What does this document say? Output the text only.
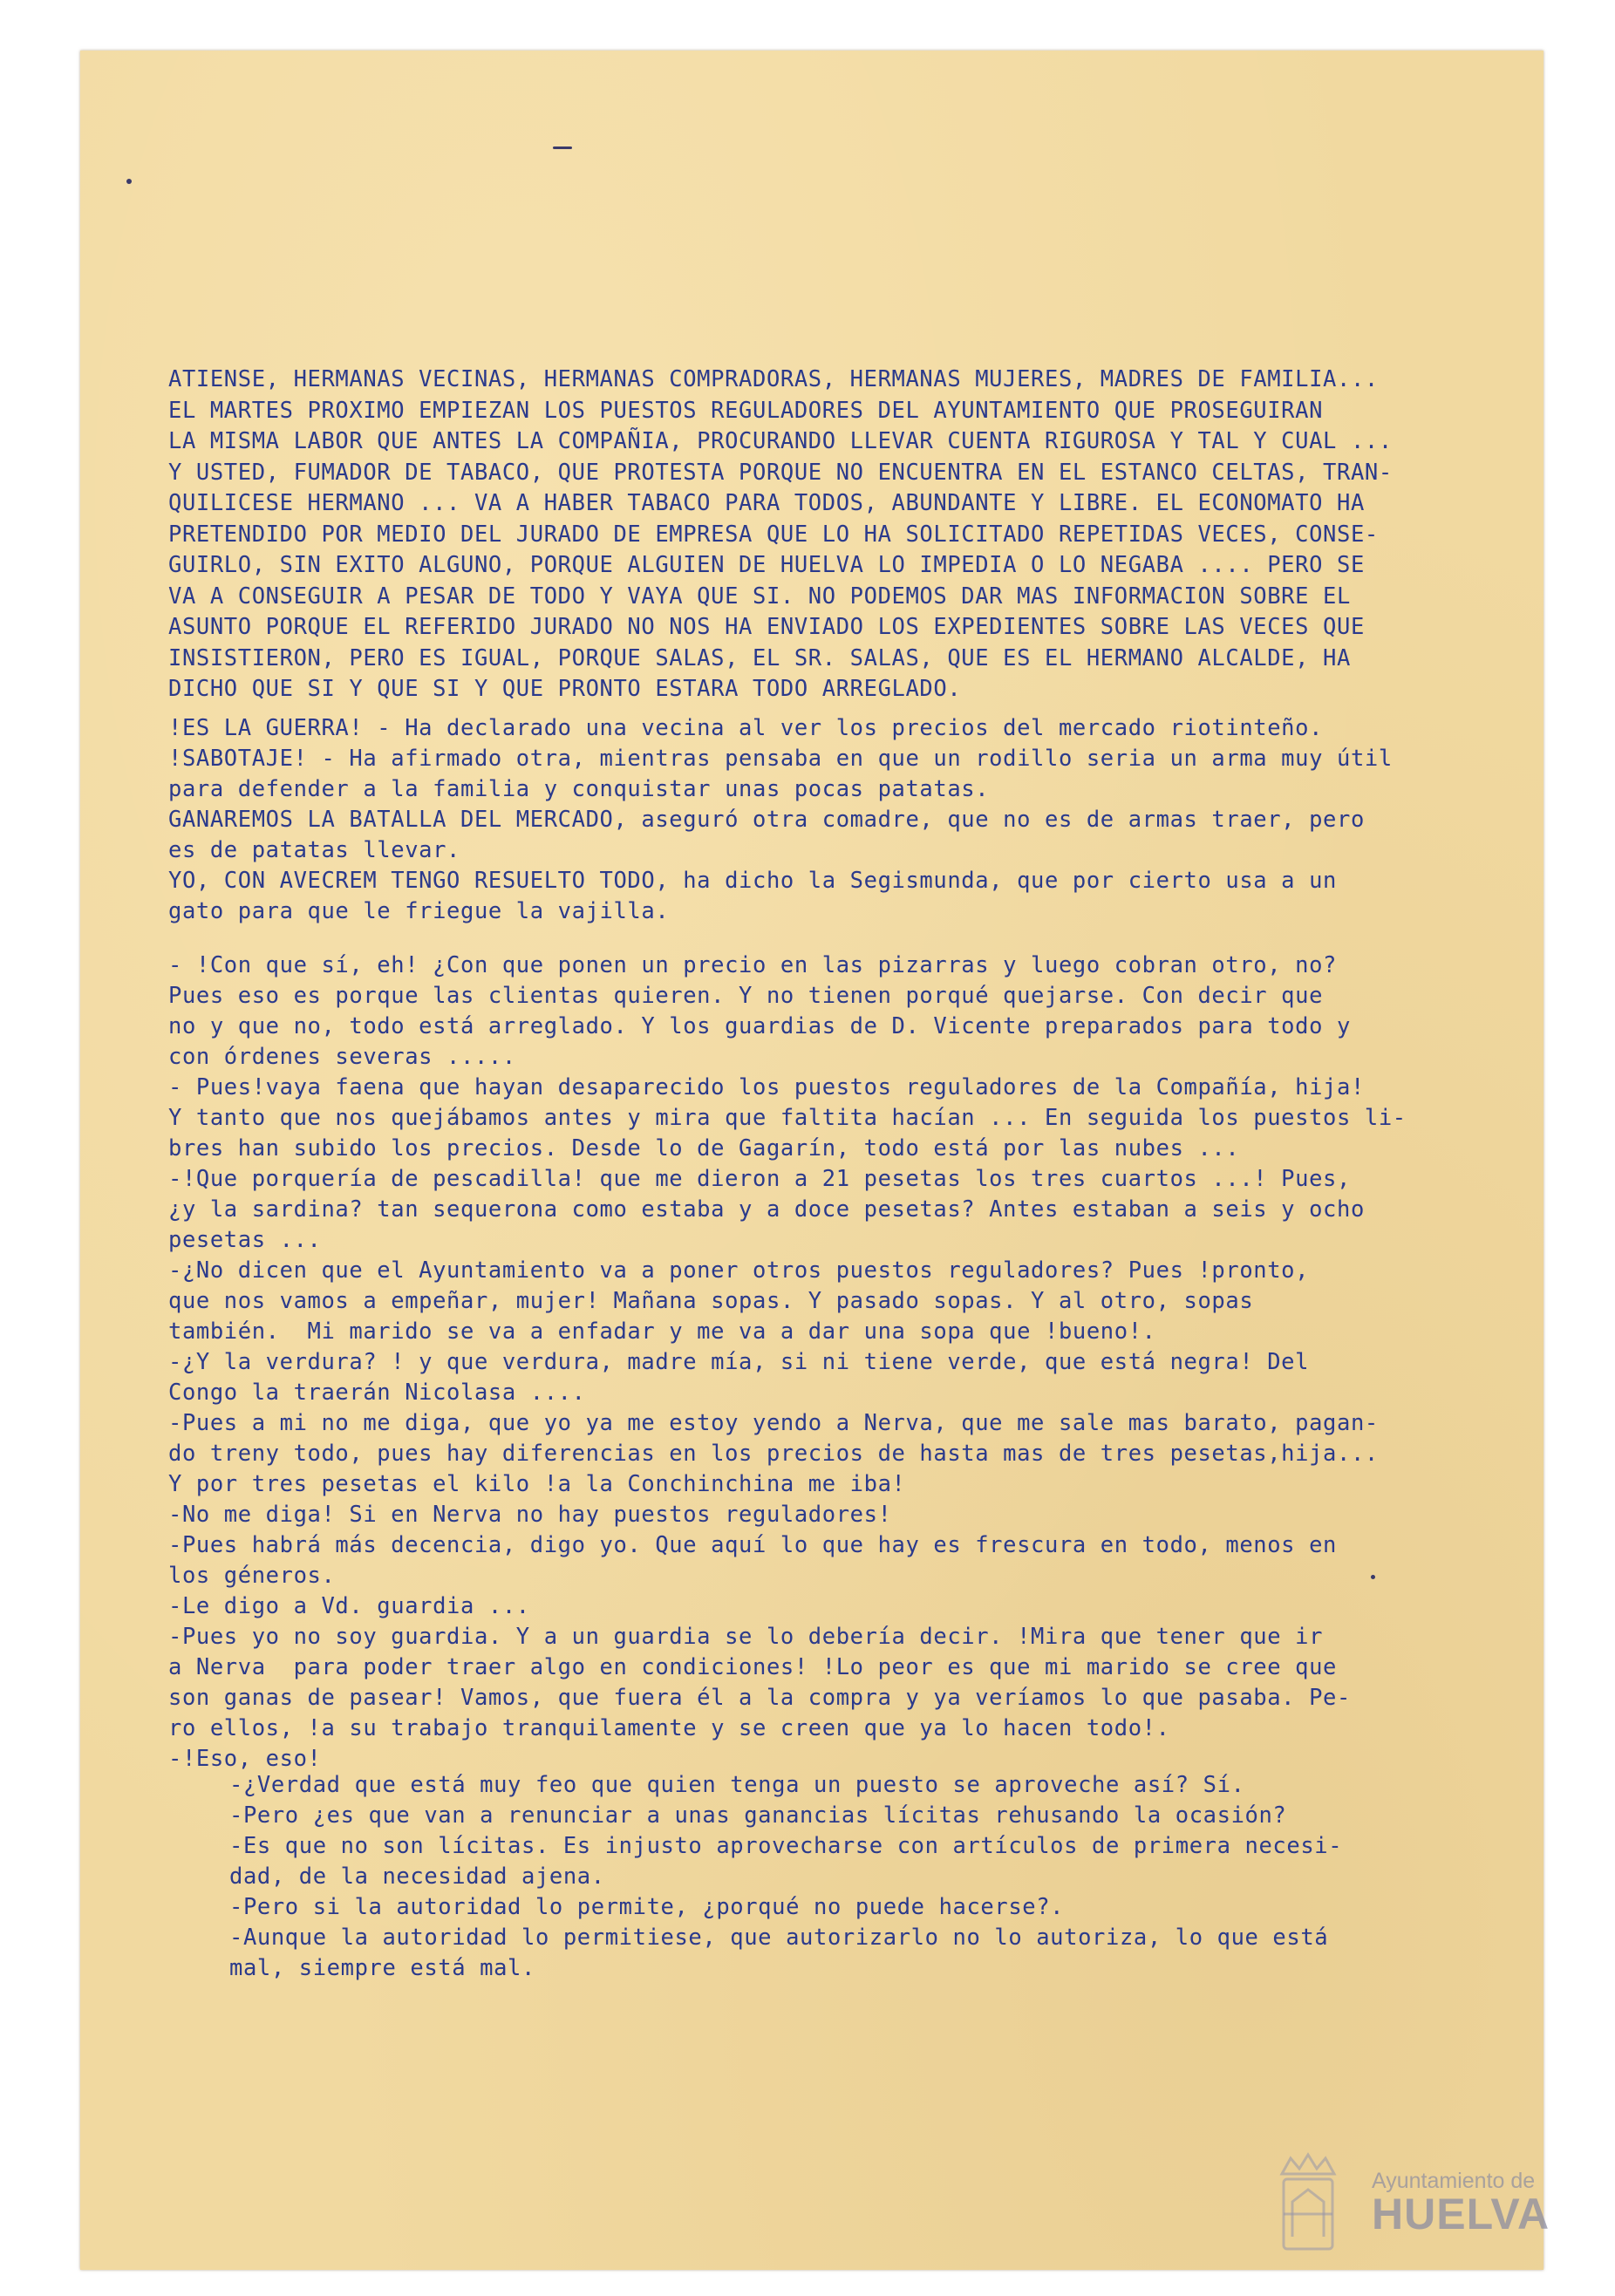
ATIENSE, HERMANAS VECINAS, HERMANAS COMPRADORAS, HERMANAS MUJERES, MADRES DE FAMILIA...
EL MARTES PROXIMO EMPIEZAN LOS PUESTOS REGULADORES DEL AYUNTAMIENTO QUE PROSEGUIRAN
LA MISMA LABOR QUE ANTES LA COMPAÑIA, PROCURANDO LLEVAR CUENTA RIGUROSA Y TAL Y CUAL ...
Y USTED, FUMADOR DE TABACO, QUE PROTESTA PORQUE NO ENCUENTRA EN EL ESTANCO CELTAS, TRAN-
QUILICESE HERMANO ... VA A HABER TABACO PARA TODOS, ABUNDANTE Y LIBRE. EL ECONOMATO HA
PRETENDIDO POR MEDIO DEL JURADO DE EMPRESA QUE LO HA SOLICITADO REPETIDAS VECES, CONSE-
GUIRLO, SIN EXITO ALGUNO, PORQUE ALGUIEN DE HUELVA LO IMPEDIA O LO NEGABA .... PERO SE
VA A CONSEGUIR A PESAR DE TODO Y VAYA QUE SI. NO PODEMOS DAR MAS INFORMACION SOBRE EL
ASUNTO PORQUE EL REFERIDO JURADO NO NOS HA ENVIADO LOS EXPEDIENTES SOBRE LAS VECES QUE
INSISTIERON, PERO ES IGUAL, PORQUE SALAS, EL SR. SALAS, QUE ES EL HERMANO ALCALDE, HA
DICHO QUE SI Y QUE SI Y QUE PRONTO ESTARA TODO ARREGLADO.
!ES LA GUERRA! - Ha declarado una vecina al ver los precios del mercado riotinteño.
!SABOTAJE! - Ha afirmado otra, mientras pensaba en que un rodillo seria un arma muy útil
para defender a la familia y conquistar unas pocas patatas.
GANAREMOS LA BATALLA DEL MERCADO, aseguró otra comadre, que no es de armas traer, pero
es de patatas llevar.
YO, CON AVECREM TENGO RESUELTO TODO, ha dicho la Segismunda, que por cierto usa a un
gato para que le friegue la vajilla.
- !Con que sí, eh! ¿Con que ponen un precio en las pizarras y luego cobran otro, no?
Pues eso es porque las clientas quieren. Y no tienen porqué quejarse. Con decir que
no y que no, todo está arreglado. Y los guardias de D. Vicente preparados para todo y
con órdenes severas .....
- Pues!vaya faena que hayan desaparecido los puestos reguladores de la Compañía, hija!
Y tanto que nos quejábamos antes y mira que faltita hacían ... En seguida los puestos li-
bres han subido los precios. Desde lo de Gagarín, todo está por las nubes ...
-!Que porquería de pescadilla! que me dieron a 21 pesetas los tres cuartos ...! Pues,
¿y la sardina? tan sequerona como estaba y a doce pesetas? Antes estaban a seis y ocho
pesetas ...
-¿No dicen que el Ayuntamiento va a poner otros puestos reguladores? Pues !pronto,
que nos vamos a empeñar, mujer! Mañana sopas. Y pasado sopas. Y al otro, sopas
también.  Mi marido se va a enfadar y me va a dar una sopa que !bueno!.
-¿Y la verdura? ! y que verdura, madre mía, si ni tiene verde, que está negra! Del
Congo la traerán Nicolasa ....
-Pues a mi no me diga, que yo ya me estoy yendo a Nerva, que me sale mas barato, pagan-
do treny todo, pues hay diferencias en los precios de hasta mas de tres pesetas,hija...
Y por tres pesetas el kilo !a la Conchinchina me iba!
-No me diga! Si en Nerva no hay puestos reguladores!
-Pues habrá más decencia, digo yo. Que aquí lo que hay es frescura en todo, menos en
los géneros.
-Le digo a Vd. guardia ...
-Pues yo no soy guardia. Y a un guardia se lo debería decir. !Mira que tener que ir
a Nerva  para poder traer algo en condiciones! !Lo peor es que mi marido se cree que
son ganas de pasear! Vamos, que fuera él a la compra y ya veríamos lo que pasaba. Pe-
ro ellos, !a su trabajo tranquilamente y se creen que ya lo hacen todo!.
-!Eso, eso!
-¿Verdad que está muy feo que quien tenga un puesto se aproveche así? Sí.
-Pero ¿es que van a renunciar a unas ganancias lícitas rehusando la ocasión?
-Es que no son lícitas. Es injusto aprovecharse con artículos de primera necesi-
dad, de la necesidad ajena.
-Pero si la autoridad lo permite, ¿porqué no puede hacerse?.
-Aunque la autoridad lo permitiese, que autorizarlo no lo autoriza, lo que está
mal, siempre está mal.
Ayuntamiento de
HUELVA
